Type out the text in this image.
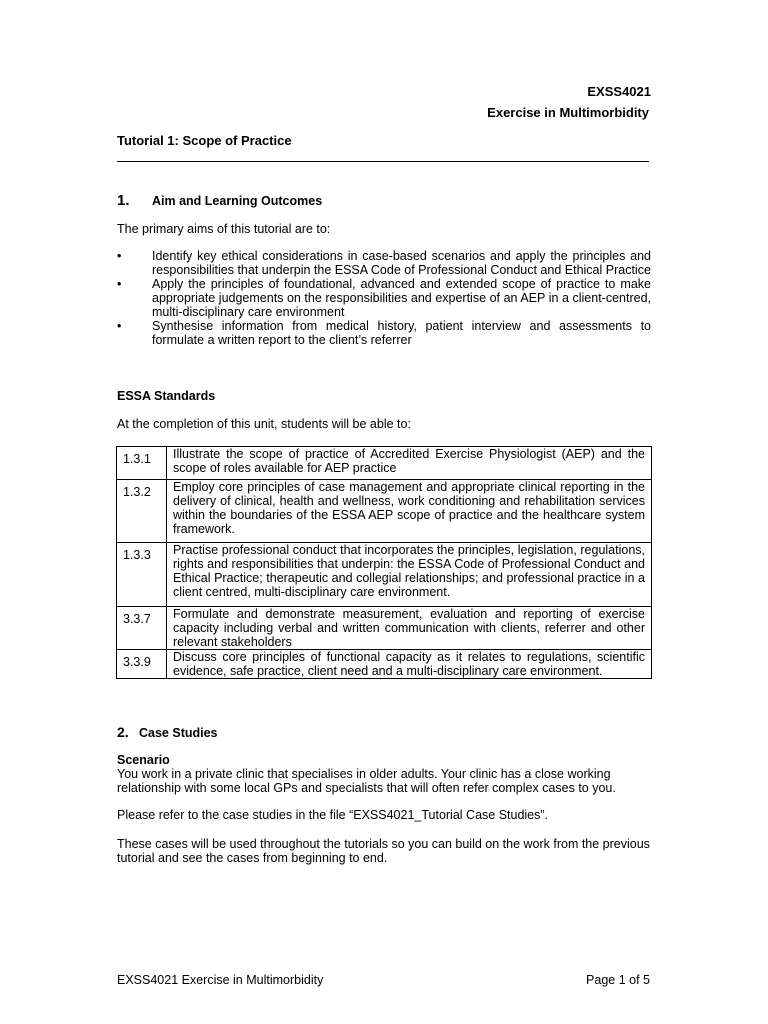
EXSS4021
Exercise in Multimorbidity
Tutorial 1: Scope of Practice
1. Aim and Learning Outcomes
The primary aims of this tutorial are to:
• Identify key ethical considerations in case-based scenarios and apply the principles and responsibilities that underpin the ESSA Code of Professional Conduct and Ethical Practice
• Apply the principles of foundational, advanced and extended scope of practice to make appropriate judgements on the responsibilities and expertise of an AEP in a client-centred, multi-disciplinary care environment
• Synthesise information from medical history, patient interview and assessments to formulate a written report to the client’s referrer
ESSA Standards
At the completion of this unit, students will be able to:
1.3.1	Illustrate the scope of practice of Accredited Exercise Physiologist (AEP) and the scope of roles available for AEP practice
1.3.2	Employ core principles of case management and appropriate clinical reporting in the delivery of clinical, health and wellness, work conditioning and rehabilitation services within the boundaries of the ESSA AEP scope of practice and the healthcare system framework.
1.3.3	Practise professional conduct that incorporates the principles, legislation, regulations, rights and responsibilities that underpin: the ESSA Code of Professional Conduct and Ethical Practice; therapeutic and collegial relationships; and professional practice in a client centred, multi-disciplinary care environment.
3.3.7	Formulate and demonstrate measurement, evaluation and reporting of exercise capacity including verbal and written communication with clients, referrer and other relevant stakeholders
3.3.9	Discuss core principles of functional capacity as it relates to regulations, scientific evidence, safe practice, client need and a multi-disciplinary care environment.
2. Case Studies
Scenario
You work in a private clinic that specialises in older adults. Your clinic has a close working relationship with some local GPs and specialists that will often refer complex cases to you.
Please refer to the case studies in the file “EXSS4021_Tutorial Case Studies”.
These cases will be used throughout the tutorials so you can build on the work from the previous tutorial and see the cases from beginning to end.
EXSS4021 Exercise in Multimorbidity	Page 1 of 5
